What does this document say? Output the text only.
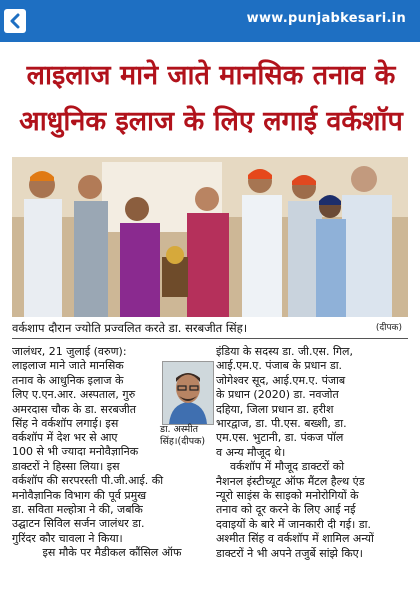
www.punjabkesari.in
लाइलाज माने जाते मानसिक तनाव के
आधुनिक इलाज के लिए लगाई वर्कशॉप
वर्कशाप दौरान ज्योति प्रज्वलित करते डा. सरबजीत सिंह।	(दीपक)
जालंधर, 21 जुलाई (वरुण):
लाइलाज माने जाते मानसिक
तनाव के आधुनिक इलाज के
लिए ए.एन.आर. अस्पताल, गुरु
अमरदास चौक के डा. सरबजीत
सिंह ने वर्कशॉप लगाई। इस	डा. अस्मीत
सिंह।(दीपक)
वर्कशॉप में देश भर से आए
100 से भी ज्यादा मनोवैज्ञानिक
डाक्टरों ने हिस्सा लिया। इस
वर्कशॉप की सरपरस्ती पी.जी.आई. की
मनोवैज्ञानिक विभाग की पूर्व प्रमुख
डा. सविता मल्होत्रा ने की, जबकि
उद्घाटन सिविल सर्जन जालंधर डा.
गुरिंदर कौर चावला ने किया।
इस मौके पर मैडीकल कौंसिल ऑफ
इंडिया के सदस्य डा. जी.एस. गिल,
आई.एम.ए. पंजाब के प्रधान डा.
जोगेश्वर सूद, आई.एम.ए. पंजाब
के प्रधान (2020) डा. नवजोत
दहिया, जिला प्रधान डा. हरीश
भारद्वाज, डा. पी.एस. बख्शी, डा.
एम.एस. भुटानी, डा. पंकज पॉल
व अन्य मौजूद थे।
वर्कशॉप में मौजूद डाक्टरों को
नैशनल इंस्टीच्यूट ऑफ मैंटल हैल्थ एंड
न्यूरो साइंस के साइको मनोरोगियों के
तनाव को दूर करने के लिए आई नई
दवाइयों के बारे में जानकारी दी गई। डा.
अश्मीत सिंह व वर्कशॉप में शामिल अन्यों
डाक्टरों ने भी अपने तजुर्बे सांझे किए।
